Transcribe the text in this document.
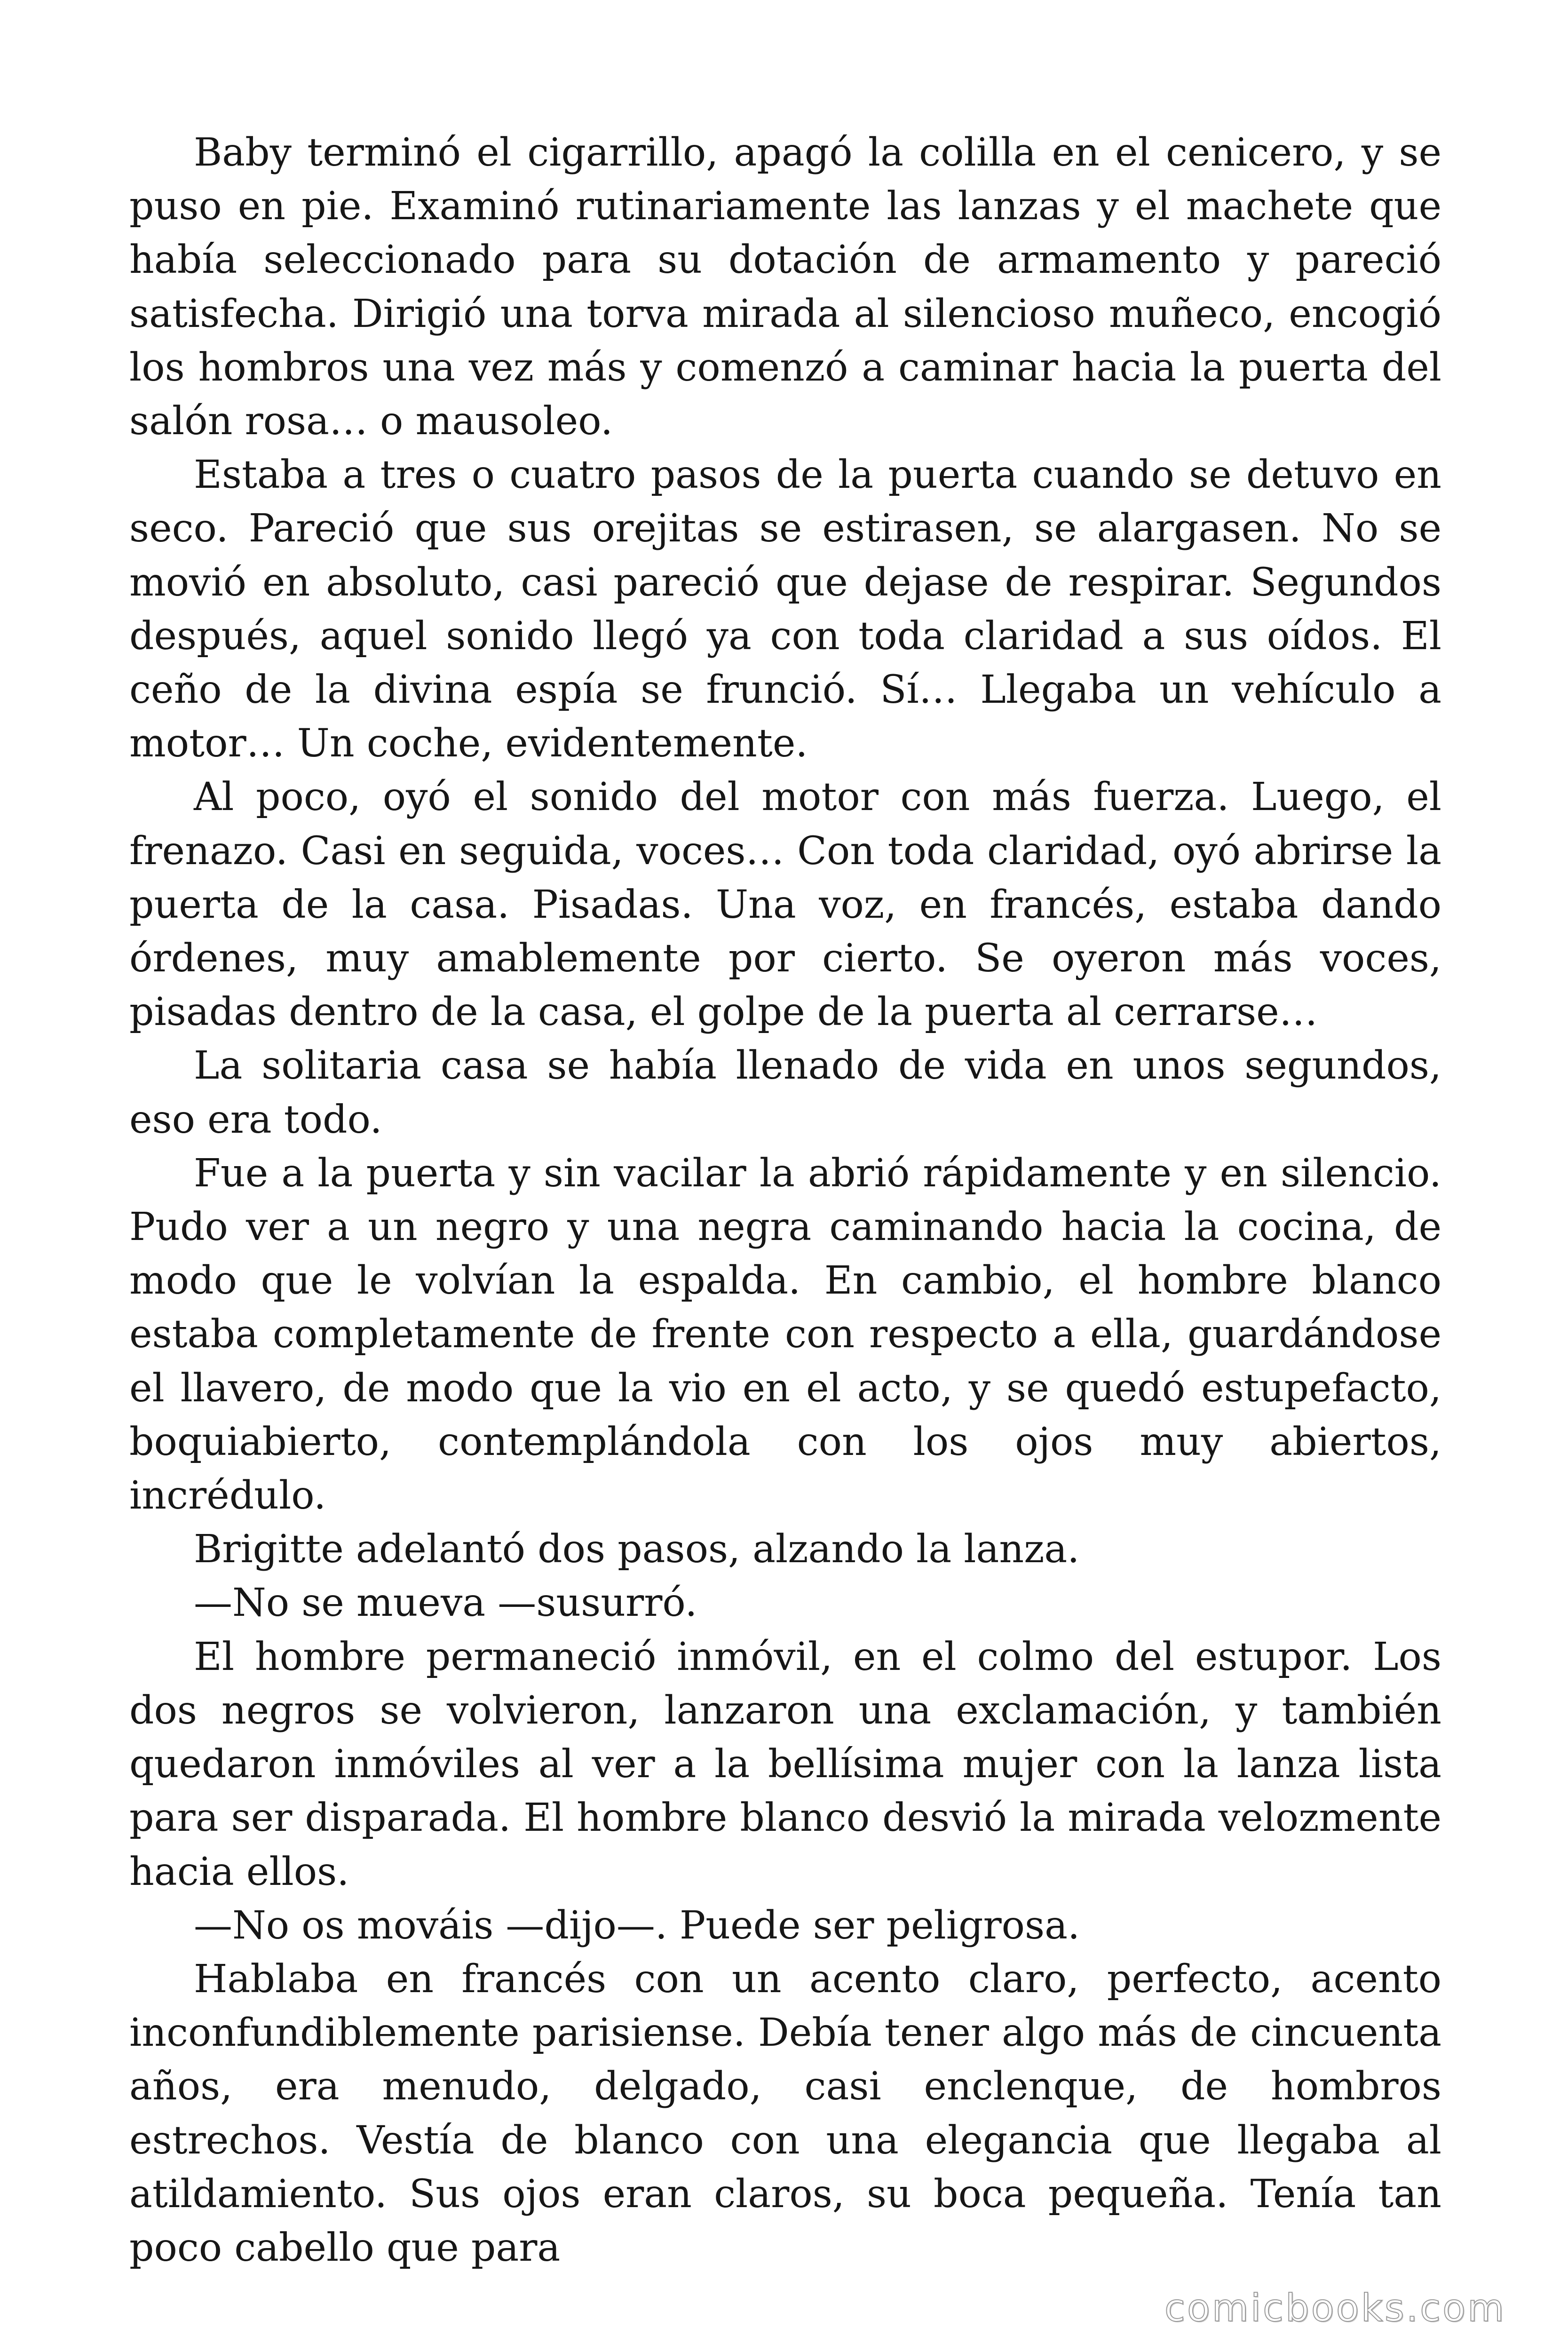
Baby terminó el cigarrillo, apagó la colilla en el cenicero, y se puso en pie. Examinó rutinariamente las lanzas y el machete que había seleccionado para su dotación de armamento y pareció satisfecha. Dirigió una torva mirada al silencioso muñeco, encogió los hombros una vez más y comenzó a caminar hacia la puerta del salón rosa… o mausoleo.

Estaba a tres o cuatro pasos de la puerta cuando se detuvo en seco. Pareció que sus orejitas se estirasen, se alargasen. No se movió en absoluto, casi pareció que dejase de respirar. Segundos después, aquel sonido llegó ya con toda claridad a sus oídos. El ceño de la divina espía se frunció. Sí… Llegaba un vehículo a motor… Un coche, evidentemente.

Al poco, oyó el sonido del motor con más fuerza. Luego, el frenazo. Casi en seguida, voces… Con toda claridad, oyó abrirse la puerta de la casa. Pisadas. Una voz, en francés, estaba dando órdenes, muy amablemente por cierto. Se oyeron más voces, pisadas dentro de la casa, el golpe de la puerta al cerrarse…

La solitaria casa se había llenado de vida en unos segundos, eso era todo.

Fue a la puerta y sin vacilar la abrió rápidamente y en silencio. Pudo ver a un negro y una negra caminando hacia la cocina, de modo que le volvían la espalda. En cambio, el hombre blanco estaba completamente de frente con respecto a ella, guardándose el llavero, de modo que la vio en el acto, y se quedó estupefacto, boquiabierto, contemplándola con los ojos muy abiertos, incrédulo.

Brigitte adelantó dos pasos, alzando la lanza.

—No se mueva —susurró.

El hombre permaneció inmóvil, en el colmo del estupor. Los dos negros se volvieron, lanzaron una exclamación, y también quedaron inmóviles al ver a la bellísima mujer con la lanza lista para ser disparada. El hombre blanco desvió la mirada velozmente hacia ellos.

—No os mováis —dijo—. Puede ser peligrosa.

Hablaba en francés con un acento claro, perfecto, acento inconfundiblemente parisiense. Debía tener algo más de cincuenta años, era menudo, delgado, casi enclenque, de hombros estrechos. Vestía de blanco con una elegancia que llegaba al atildamiento. Sus ojos eran claros, su boca pequeña. Tenía tan poco cabello que para

comicbooks.com
